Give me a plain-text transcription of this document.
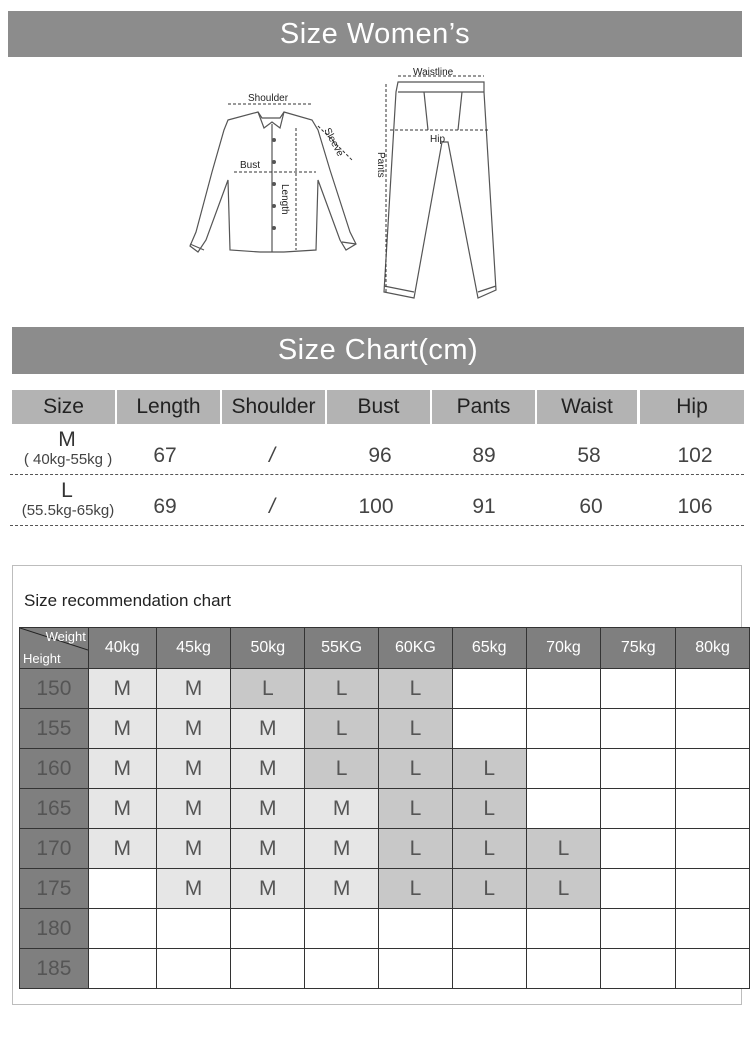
Size Women’s
Shoulder
Sleeve
Bust
Length
Waistline
Hip
Pants
Size Chart(cm)
Size	Length	Shoulder	Bust	Pants	Waist	Hip
M
( 40kg-55kg )	67	/	96	89	58	102
L
(55.5kg-65kg)	69	/	100	91	60	106
Size recommendation chart
Weight
Height	40kg	45kg	50kg	55KG	60KG	65kg	70kg	75kg	80kg
150	M	M	L	L	L				
155	M	M	M	L	L				
160	M	M	M	L	L	L			
165	M	M	M	M	L	L			
170	M	M	M	M	L	L	L		
175		M	M	M	L	L	L		
180									
185									
